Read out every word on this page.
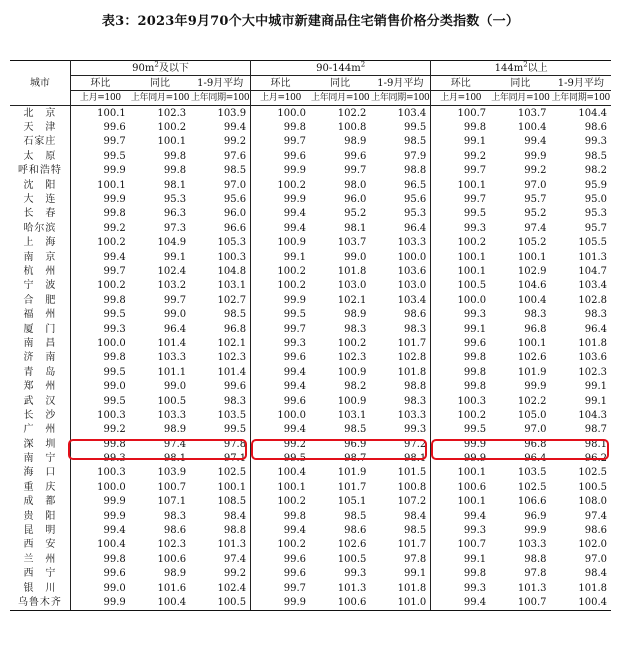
表3：2023年9月70个大中城市新建商品住宅销售价格分类指数（一）
城市	$90m^2$及以下			$90-144m^2$			$144m^2$以上		
	环比	同比	1-9月平均	环比	同比	1-9月平均	环比	同比	1-9月平均
	上月=100	上年同月=100	上年同期=100	上月=100	上年同月=100	上年同期=100	上月=100	上年同月=100	上年同期=100
北　京	100.1	102.3	103.9	100.0	102.2	103.4	100.7	103.7	104.4
天　津	99.6	100.2	99.4	99.8	100.8	99.5	99.8	100.4	98.6
石家庄	99.7	100.1	99.2	99.7	98.9	98.5	99.1	99.4	99.3
太　原	99.5	99.8	97.6	99.6	99.6	97.9	99.2	99.9	98.5
呼和浩特	99.9	99.8	98.5	99.9	99.7	98.8	99.7	99.2	98.2
沈　阳	100.1	98.1	97.0	100.2	98.0	96.5	100.1	97.0	95.9
大　连	99.9	95.3	95.6	99.9	96.0	95.6	99.7	95.7	95.0
长　春	99.8	96.3	96.0	99.4	95.2	95.3	99.5	95.2	95.3
哈尔滨	99.2	97.3	96.6	99.4	98.1	96.4	99.3	97.4	95.7
上　海	100.2	104.9	105.3	100.9	103.7	103.3	100.2	105.2	105.5
南　京	99.4	99.1	100.3	99.1	99.0	100.0	100.1	100.1	101.3
杭　州	99.7	102.4	104.8	100.2	101.8	103.6	100.1	102.9	104.7
宁　波	100.2	103.2	103.1	100.2	103.0	103.0	100.5	104.6	103.4
合　肥	99.8	99.7	102.7	99.9	102.1	103.4	100.0	100.4	102.8
福　州	99.5	99.0	98.5	99.5	98.9	98.6	99.3	98.3	98.3
厦　门	99.3	96.4	96.8	99.7	98.3	98.3	99.1	96.8	96.4
南　昌	100.0	101.4	102.1	99.3	100.2	101.7	99.6	100.1	101.8
济　南	99.8	103.3	102.3	99.6	102.3	102.8	99.8	102.6	103.6
青　岛	99.5	101.1	101.4	99.4	100.9	101.8	99.8	101.9	102.3
郑　州	99.0	99.0	99.6	99.4	98.2	98.8	99.8	99.9	99.1
武　汉	99.5	100.5	98.3	99.6	100.9	98.3	100.3	102.2	99.1
长　沙	100.3	103.3	103.5	100.0	103.1	103.3	100.2	105.0	104.3
广　州	99.2	98.9	99.5	99.4	98.5	99.3	99.5	97.0	98.7
深　圳	99.8	97.4	97.8	99.2	96.9	97.2	99.9	96.8	98.1
南　宁	99.3	98.1	97.1	99.5	98.7	98.1	99.9	96.4	96.2
海　口	100.3	103.9	102.5	100.4	101.9	101.5	100.1	103.5	102.5
重　庆	100.0	100.7	100.1	100.1	101.7	100.8	100.6	102.5	100.5
成　都	99.9	107.1	108.5	100.2	105.1	107.2	100.1	106.6	108.0
贵　阳	99.9	98.3	98.4	99.8	98.5	98.4	99.4	96.9	97.4
昆　明	99.4	98.6	98.8	99.4	98.6	98.5	99.3	99.9	98.6
西　安	100.4	102.3	101.3	100.2	102.6	101.7	100.7	103.3	102.0
兰　州	99.8	100.6	97.4	99.6	100.5	97.8	99.1	98.8	97.0
西　宁	99.6	98.9	99.2	99.6	99.3	99.1	99.8	97.8	98.4
银　川	99.0	101.6	102.4	99.7	101.3	101.8	99.3	101.3	101.8
乌鲁木齐	99.9	100.4	100.5	99.9	100.6	101.0	99.4	100.7	100.4
